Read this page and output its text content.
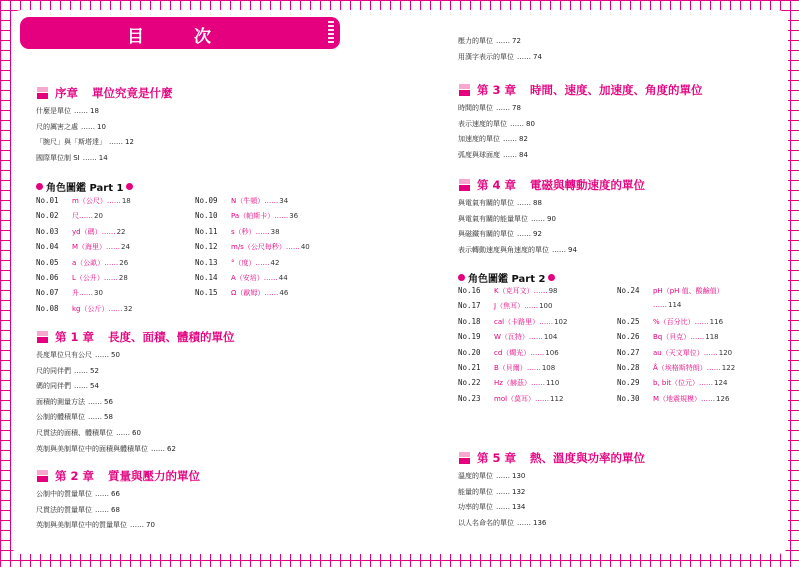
目 次
序章 單位究竟是什麼
什麼是單位 …… 18
尺的厲害之處 …… 10
「腕尺」與「斯塔達」 …… 12
國際單位制 SI …… 14
角色圖鑑 Part 1
No.01 m（公尺）……18
No.02 尺……20
No.03 yd（碼）……22
No.04 M（海里）……24
No.05 a（公畝）……26
No.06 L（公升）……28
No.07 升……30
No.08 kg（公斤）……32
No.09 N（牛頓）……34
No.10 Pa（帕斯卡）……36
No.11 s（秒）……38
No.12 m/s（公尺每秒）……40
No.13 °（度）……42
No.14 A（安培）……44
No.15 Ω（歐姆）……46
第 1 章 長度、面積、體積的單位
長度單位只有公尺 …… 50
尺的同伴們 …… 52
碼的同伴們 …… 54
面積的測量方法 …… 56
公制的體積單位 …… 58
尺貫法的面積、體積單位 …… 60
英制與美制單位中的面積與體積單位 …… 62
第 2 章 質量與壓力的單位
公制中的質量單位 …… 66
尺貫法的質量單位 …… 68
英制與美制單位中的質量單位 …… 70
壓力的單位 …… 72
用漢字表示的單位 …… 74
第 3 章 時間、速度、加速度、角度的單位
時間的單位 …… 78
表示速度的單位 …… 80
加速度的單位 …… 82
弧度與球面度 …… 84
第 4 章 電磁與轉動速度的單位
與電氣有關的單位 …… 88
與電氣有關的能量單位 …… 90
與磁鐵有關的單位 …… 92
表示轉動速度與角速度的單位 …… 94
角色圖鑑 Part 2
No.16 K（克耳文）……98
No.17 J（焦耳）……100
No.18 cal（卡路里）……102
No.19 W（瓦特）……104
No.20 cd（燭光）……106
No.21 B（貝爾）……108
No.22 Hz（赫茲）……110
No.23 mol（莫耳）……112
No.24 pH（pH 值、酸鹼值）
……114
No.25 %（百分比）……116
No.26 Bq（貝克）……118
No.27 au（天文單位）……120
No.28 Å（埃格斯特朗）……122
No.29 b, bit（位元）……124
No.30 M（地震規模）……126
第 5 章 熱、溫度與功率的單位
溫度的單位 …… 130
能量的單位 …… 132
功率的單位 …… 134
以人名命名的單位 …… 136
